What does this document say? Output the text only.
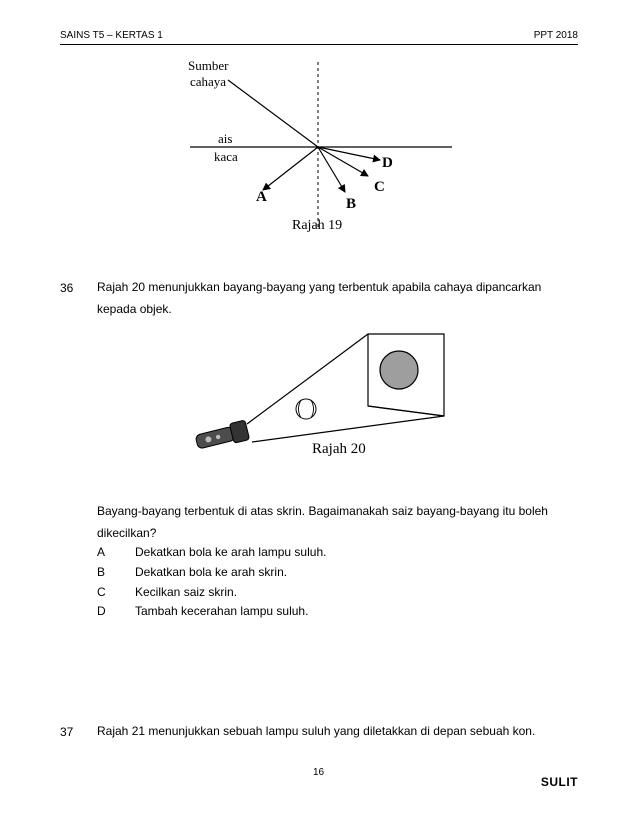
SAINS T5 – KERTAS 1	PPT 2018
Sumber
cahaya
ais
kaca
A	B
C
D
Rajah 19
36 Rajah 20 menunjukkan bayang-bayang yang terbentuk apabila cahaya dipancarkan kepada objek.
Rajah 20
Bayang-bayang terbentuk di atas skrin. Bagaimanakah saiz bayang-bayang itu boleh dikecilkan?
A Dekatkan bola ke arah lampu suluh.
B Dekatkan bola ke arah skrin.
C Kecilkan saiz skrin.
D Tambah kecerahan lampu suluh.
37 Rajah 21 menunjukkan sebuah lampu suluh yang diletakkan di depan sebuah kon.
16
SULIT
